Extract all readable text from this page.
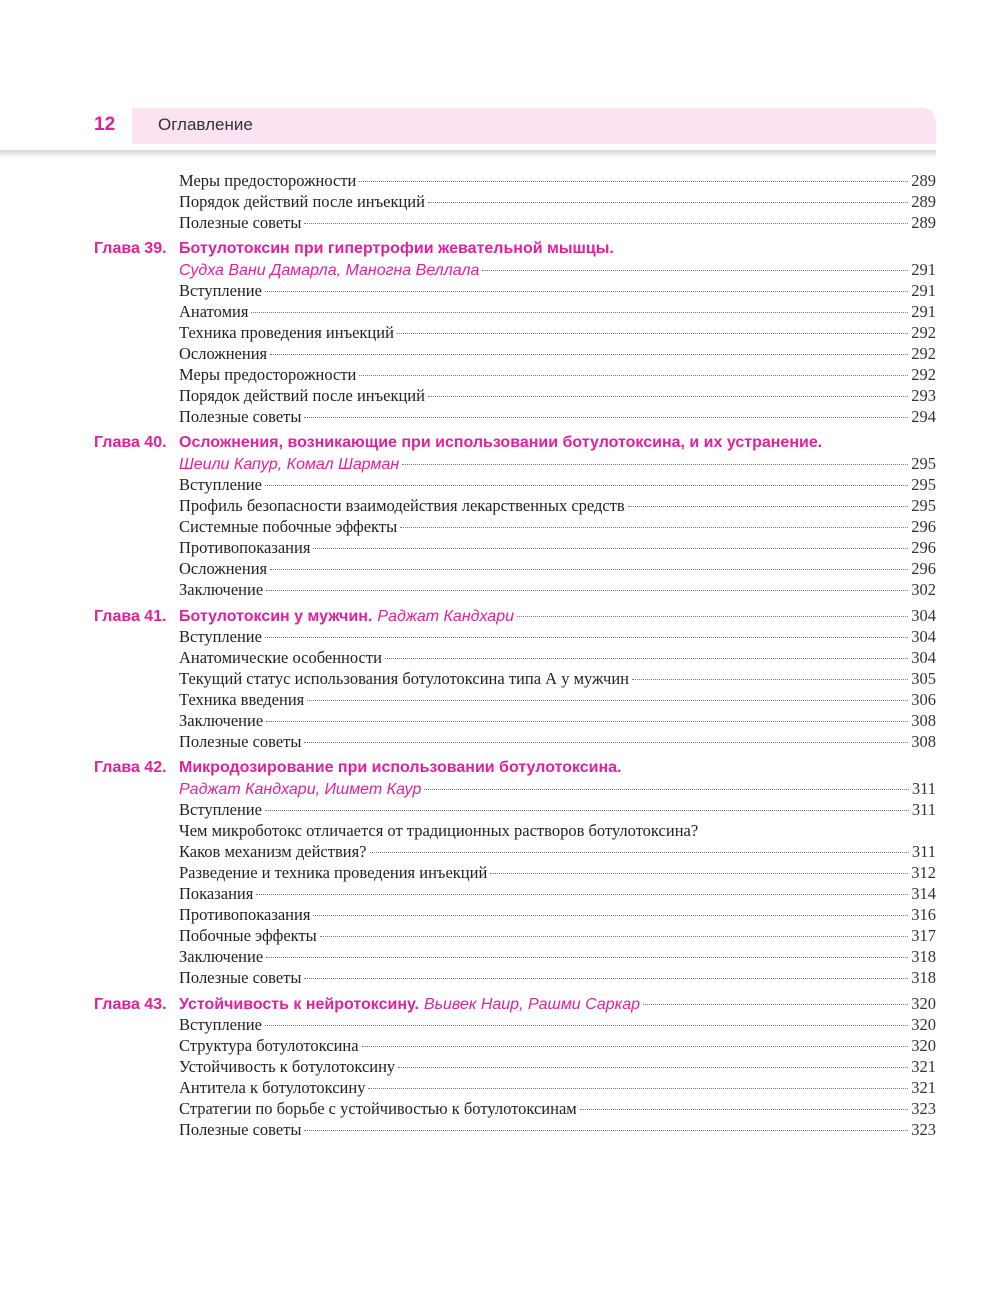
12	Оглавление
Меры предосторожности	289
Порядок действий после инъекций	289
Полезные советы	289
Глава 39. Ботулотоксин при гипертрофии жевательной мышцы.
Судха Вани Дамарла, Маногна Веллала	291
Вступление	291
Анатомия	291
Техника проведения инъекций	292
Осложнения	292
Меры предосторожности	292
Порядок действий после инъекций	293
Полезные советы	294
Глава 40. Осложнения, возникающие при использовании ботулотоксина, и их устранение.
Шеили Капур, Комал Шарман	295
Вступление	295
Профиль безопасности взаимодействия лекарственных средств	295
Системные побочные эффекты	296
Противопоказания	296
Осложнения	296
Заключение	302
Глава 41. Ботулотоксин у мужчин. Раджат Кандхари	304
Вступление	304
Анатомические особенности	304
Текущий статус использования ботулотоксина типа А у мужчин	305
Техника введения	306
Заключение	308
Полезные советы	308
Глава 42. Микродозирование при использовании ботулотоксина.
Раджат Кандхари, Ишмет Каур	311
Вступление	311
Чем микроботокс отличается от традиционных растворов ботулотоксина?
Каков механизм действия?	311
Разведение и техника проведения инъекций	312
Показания	314
Противопоказания	316
Побочные эффекты	317
Заключение	318
Полезные советы	318
Глава 43. Устойчивость к нейротоксину. Вьивек Наир, Рашми Саркар	320
Вступление	320
Структура ботулотоксина	320
Устойчивость к ботулотоксину	321
Антитела к ботулотоксину	321
Стратегии по борьбе с устойчивостью к ботулотоксинам	323
Полезные советы	323
